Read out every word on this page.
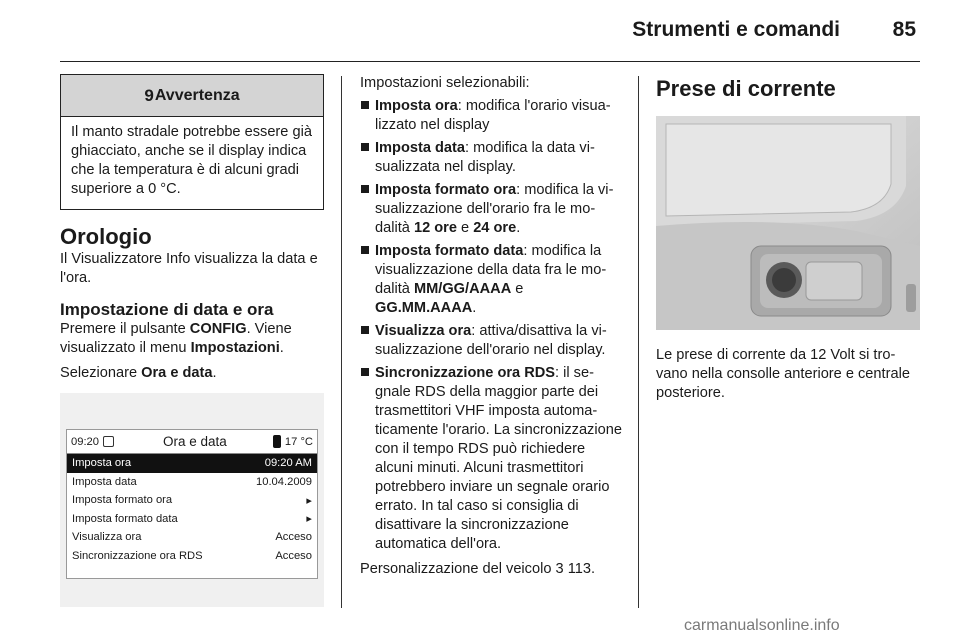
Strumenti e comandi	85
9 Avvertenza
Il manto stradale potrebbe essere già ghiacciato, anche se il display indica che la temperatura è di alcuni gradi superiore a 0 °C.
Orologio

Il Visualizzatore Info visualizza la data e l'ora.

Impostazione di data e ora

Premere il pulsante CONFIG. Viene visualizzato il menu Impostazioni.

Selezionare Ora e data.

09:20	Ora e data	17 °C
Imposta ora	09:20 AM
Imposta data	10.04.2009
Imposta formato ora	▸
Imposta formato data	▸
Visualizza ora	Acceso
Sincronizzazione ora RDS	Acceso

Impostazioni selezionabili:

Imposta ora: modifica l'orario visualizzato nel display
Imposta data: modifica la data visualizzata nel display.
Imposta formato ora: modifica la visualizzazione dell'orario fra le modalità 12 ore e 24 ore.
Imposta formato data: modifica la visualizzazione della data fra le modalità MM/GG/AAAA e GG.MM.AAAA.
Visualizza ora: attiva/disattiva la visualizzazione dell'orario nel display.
Sincronizzazione ora RDS: il segnale RDS della maggior parte dei trasmettitori VHF imposta automaticamente l'orario. La sincronizzazione con il tempo RDS può richiedere alcuni minuti. Alcuni trasmettitori potrebbero inviare un segnale orario errato. In tal caso si consiglia di disattivare la sincronizzazione automatica dell'ora.

Personalizzazione del veicolo 3 113.

Prese di corrente

Le prese di corrente da 12 Volt si trovano nella consolle anteriore e centrale posteriore.

carmanualsonline.info
